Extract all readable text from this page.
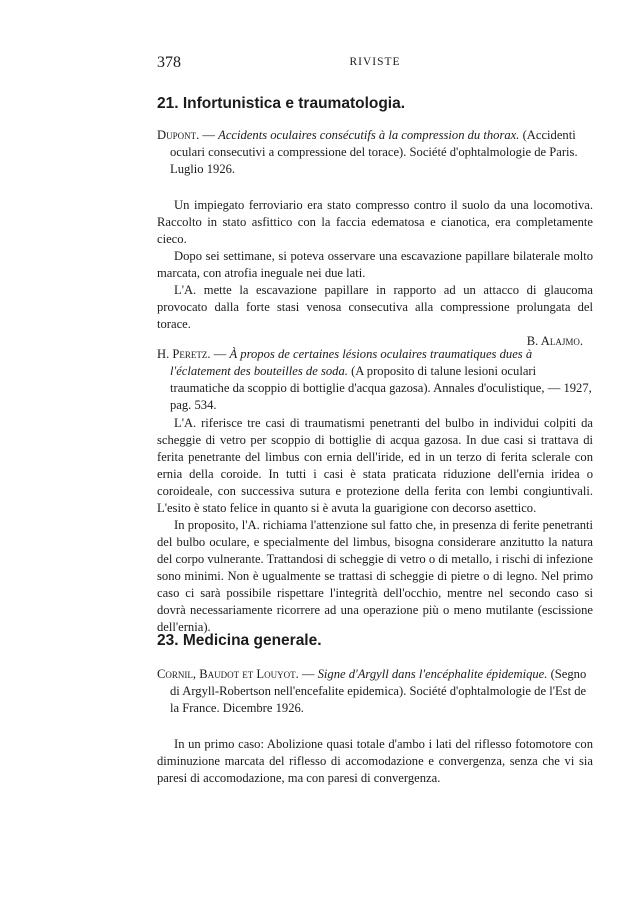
378	RIVISTE
21. Infortunistica e traumatologia.

Dupont. — Accidents oculaires consécutifs à la compression du thorax. (Accidenti oculari consecutivi a compressione del torace). Société d'ophtalmologie de Paris. Luglio 1926.

Un impiegato ferroviario era stato compresso contro il suolo da una locomotiva. Raccolto in stato asfittico con la faccia edematosa e cianotica, era completamente cieco.

Dopo sei settimane, si poteva osservare una escavazione papillare bilaterale molto marcata, con atrofia ineguale nei due lati.

L'A. mette la escavazione papillare in rapporto ad un attacco di glaucoma provocato dalla forte stasi venosa consecutiva alla compressione prolungata del torace.

B. Alajmo.

H. Peretz. — À propos de certaines lésions oculaires traumatiques dues à l'éclatement des bouteilles de soda. (A proposito di talune lesioni oculari traumatiche da scoppio di bottiglie d'acqua gazosa). Annales d'oculistique, — 1927, pag. 534.

L'A. riferisce tre casi di traumatismi penetranti del bulbo in individui colpiti da scheggie di vetro per scoppio di bottiglie di acqua gazosa. In due casi si trattava di ferita penetrante del limbus con ernia dell'iride, ed in un terzo di ferita sclerale con ernia della coroide. In tutti i casi è stata praticata riduzione dell'ernia iridea o coroideale, con successiva sutura e protezione della ferita con lembi congiuntivali. L'esito è stato felice in quanto si è avuta la guarigione con decorso asettico.

In proposito, l'A. richiama l'attenzione sul fatto che, in presenza di ferite penetranti del bulbo oculare, e specialmente del limbus, bisogna considerare anzitutto la natura del corpo vulnerante. Trattandosi di scheggie di vetro o di metallo, i rischi di infezione sono minimi. Non è ugualmente se trattasi di scheggie di pietre o di legno. Nel primo caso ci sarà possibile rispettare l'integrità dell'occhio, mentre nel secondo caso si dovrà necessariamente ricorrere ad una operazione più o meno mutilante (escissione dell'ernia).

23. Medicina generale.

Cornil, Baudot et Louyot. — Signe d'Argyll dans l'encéphalite épidemique. (Segno di Argyll-Robertson nell'encefalite epidemica). Société d'ophtalmologie de l'Est de la France. Dicembre 1926.

In un primo caso: Abolizione quasi totale d'ambo i lati del riflesso fotomotore con diminuzione marcata del riflesso di accomodazione e convergenza, senza che vi sia paresi di accomodazione, ma con paresi di convergenza.
